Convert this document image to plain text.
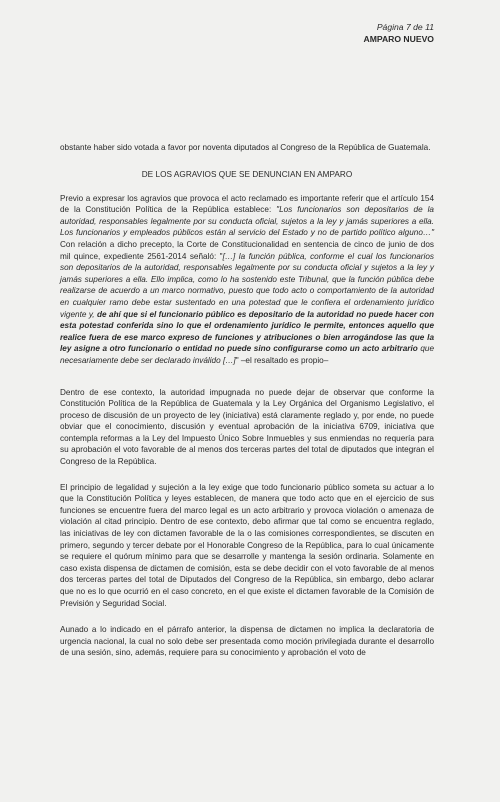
Página 7 de 11
AMPARO NUEVO

obstante haber sido votada a favor por noventa diputados al Congreso de la República de Guatemala.

DE LOS AGRAVIOS QUE SE DENUNCIAN EN AMPARO

Previo a expresar los agravios que provoca el acto reclamado es importante referir que el artículo 154 de la Constitución Política de la República establece: "Los funcionarios son depositarios de la autoridad, responsables legalmente por su conducta oficial, sujetos a la ley y jamás superiores a ella. Los funcionarios y empleados públicos están al servicio del Estado y no de partido político alguno…" Con relación a dicho precepto, la Corte de Constitucionalidad en sentencia de cinco de junio de dos mil quince, expediente 2561-2014 señaló: "[…] la función pública, conforme el cual los funcionarios son depositarios de la autoridad, responsables legalmente por su conducta oficial y sujetos a la ley y jamás superiores a ella. Ello implica, como lo ha sostenido este Tribunal, que la función pública debe realizarse de acuerdo a un marco normativo, puesto que todo acto o comportamiento de la autoridad en cualquier ramo debe estar sustentado en una potestad que le confiera el ordenamiento jurídico vigente y, de ahí que si el funcionario público es depositario de la autoridad no puede hacer con esta potestad conferida sino lo que el ordenamiento jurídico le permite, entonces aquello que realice fuera de ese marco expreso de funciones y atribuciones o bien arrogándose las que la ley asigne a otro funcionario o entidad no puede sino configurarse como un acto arbitrario que necesariamente debe ser declarado inválido […]" –el resaltado es propio–

Dentro de ese contexto, la autoridad impugnada no puede dejar de observar que conforme la Constitución Política de la República de Guatemala y la Ley Orgánica del Organismo Legislativo, el proceso de discusión de un proyecto de ley (iniciativa) está claramente reglado y, por ende, no puede obviar que el conocimiento, discusión y eventual aprobación de la iniciativa 6709, iniciativa que contempla reformas a la Ley del Impuesto Único Sobre Inmuebles y sus enmiendas no requería para su aprobación el voto favorable de al menos dos terceras partes del total de diputados que integran el Congreso de la República.

El principio de legalidad y sujeción a la ley exige que todo funcionario público someta su actuar a lo que la Constitución Política y leyes establecen, de manera que todo acto que en el ejercicio de sus funciones se encuentre fuera del marco legal es un acto arbitrario y provoca violación o amenaza de violación al citad principio. Dentro de ese contexto, debo afirmar que tal como se encuentra reglado, las iniciativas de ley con dictamen favorable de la o las comisiones correspondientes, se discuten en primero, segundo y tercer debate por el Honorable Congreso de la República, para lo cual únicamente se requiere el quórum mínimo para que se desarrolle y mantenga la sesión ordinaria. Solamente en caso exista dispensa de dictamen de comisión, esta se debe decidir con el voto favorable de al menos dos terceras partes del total de Diputados del Congreso de la República, sin embargo, debo aclarar que no es lo que ocurrió en el caso concreto, en el que existe el dictamen favorable de la Comisión de Previsión y Seguridad Social.

Aunado a lo indicado en el párrafo anterior, la dispensa de dictamen no implica la declaratoria de urgencia nacional, la cual no solo debe ser presentada como moción privilegiada durante el desarrollo de una sesión, sino, además, requiere para su conocimiento y aprobación el voto de
